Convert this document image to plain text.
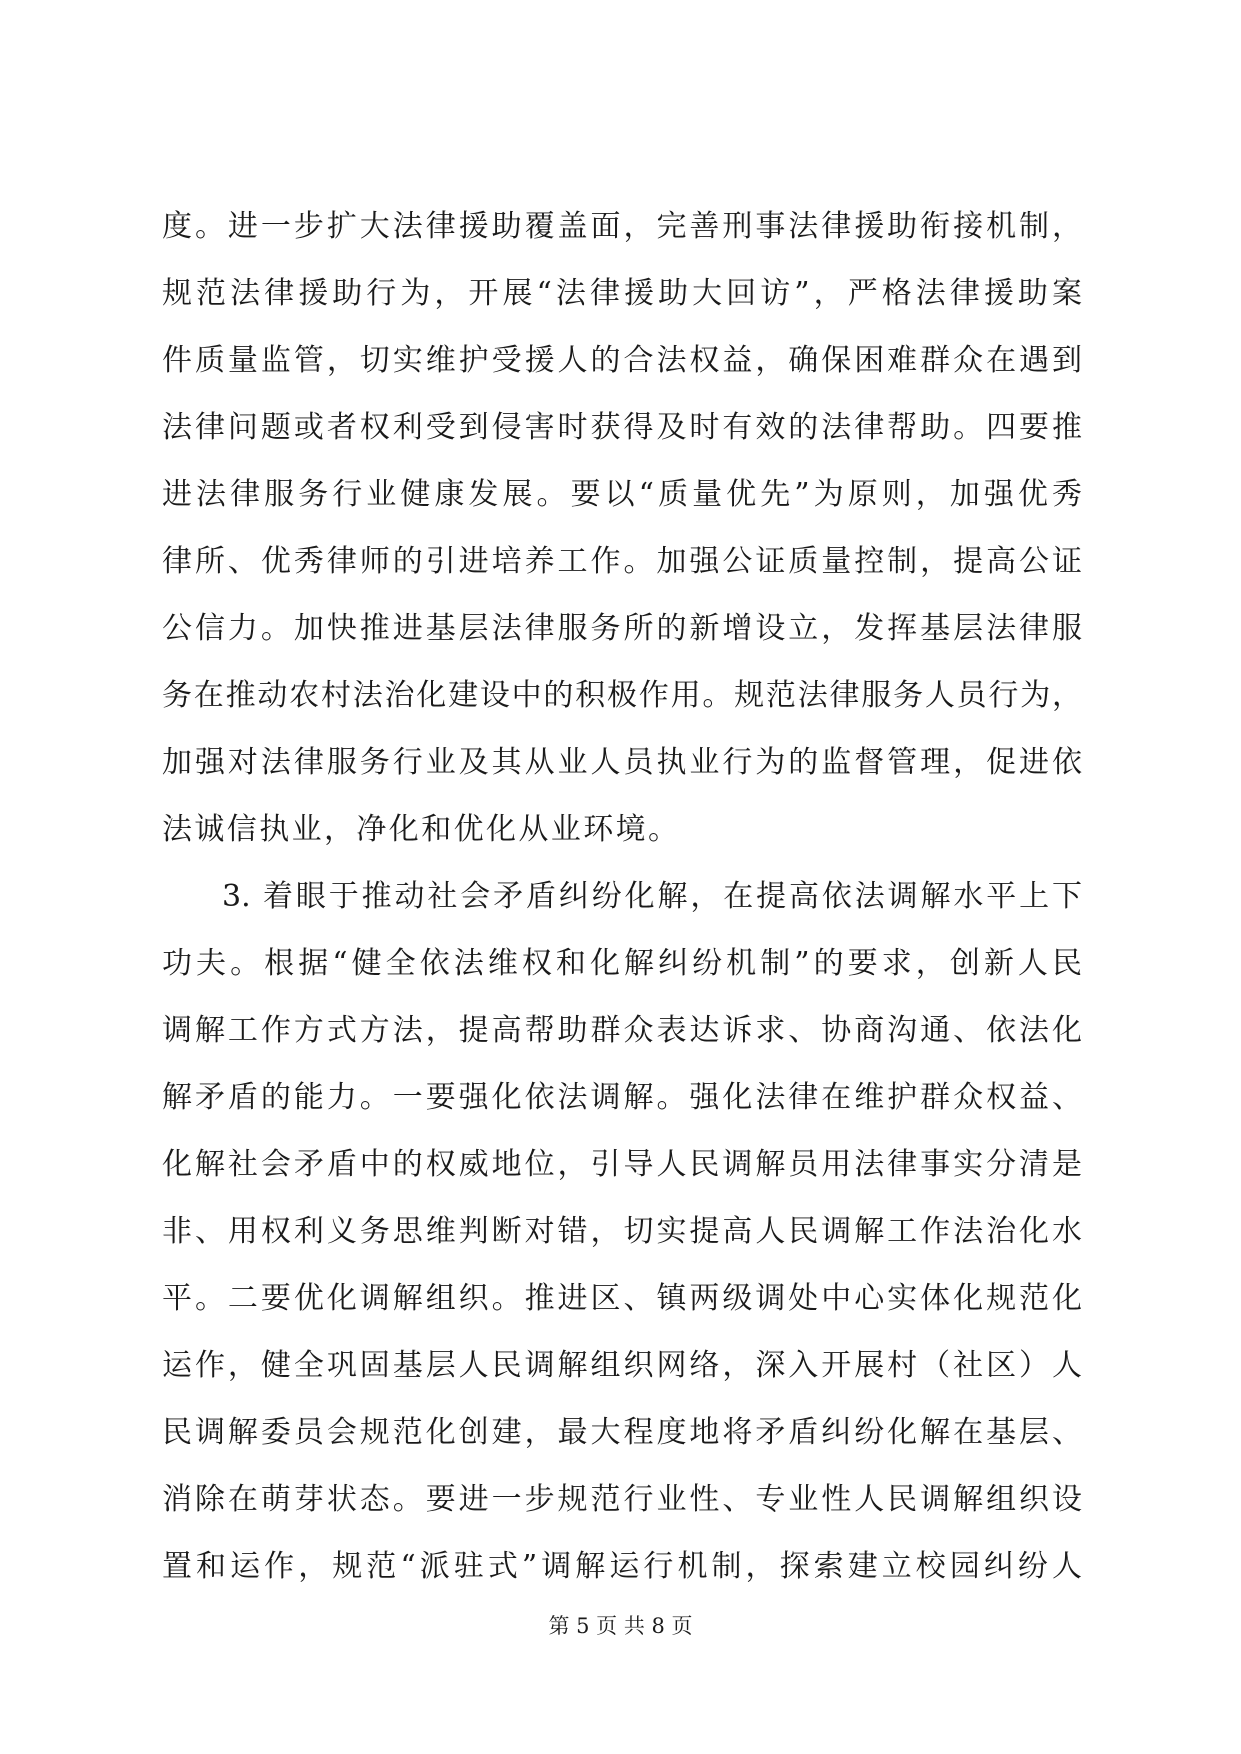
度。进一步扩大法律援助覆盖面，完善刑事法律援助衔接机制，
规范法律援助行为，开展“法律援助大回访”，严格法律援助案
件质量监管，切实维护受援人的合法权益，确保困难群众在遇到
法律问题或者权利受到侵害时获得及时有效的法律帮助。四要推
进法律服务行业健康发展。要以“质量优先”为原则，加强优秀
律所、优秀律师的引进培养工作。加强公证质量控制，提高公证
公信力。加快推进基层法律服务所的新增设立，发挥基层法律服
务在推动农村法治化建设中的积极作用。规范法律服务人员行为，
加强对法律服务行业及其从业人员执业行为的监督管理，促进依
法诚信执业，净化和优化从业环境。
3. 着眼于推动社会矛盾纠纷化解，在提高依法调解水平上下
功夫。根据“健全依法维权和化解纠纷机制”的要求，创新人民
调解工作方式方法，提高帮助群众表达诉求、协商沟通、依法化
解矛盾的能力。一要强化依法调解。强化法律在维护群众权益、
化解社会矛盾中的权威地位，引导人民调解员用法律事实分清是
非、用权利义务思维判断对错，切实提高人民调解工作法治化水
平。二要优化调解组织。推进区、镇两级调处中心实体化规范化
运作，健全巩固基层人民调解组织网络，深入开展村（社区）人
民调解委员会规范化创建，最大程度地将矛盾纠纷化解在基层、
消除在萌芽状态。要进一步规范行业性、专业性人民调解组织设
置和运作，规范“派驻式”调解运行机制，探索建立校园纠纷人
第 5 页 共 8 页
